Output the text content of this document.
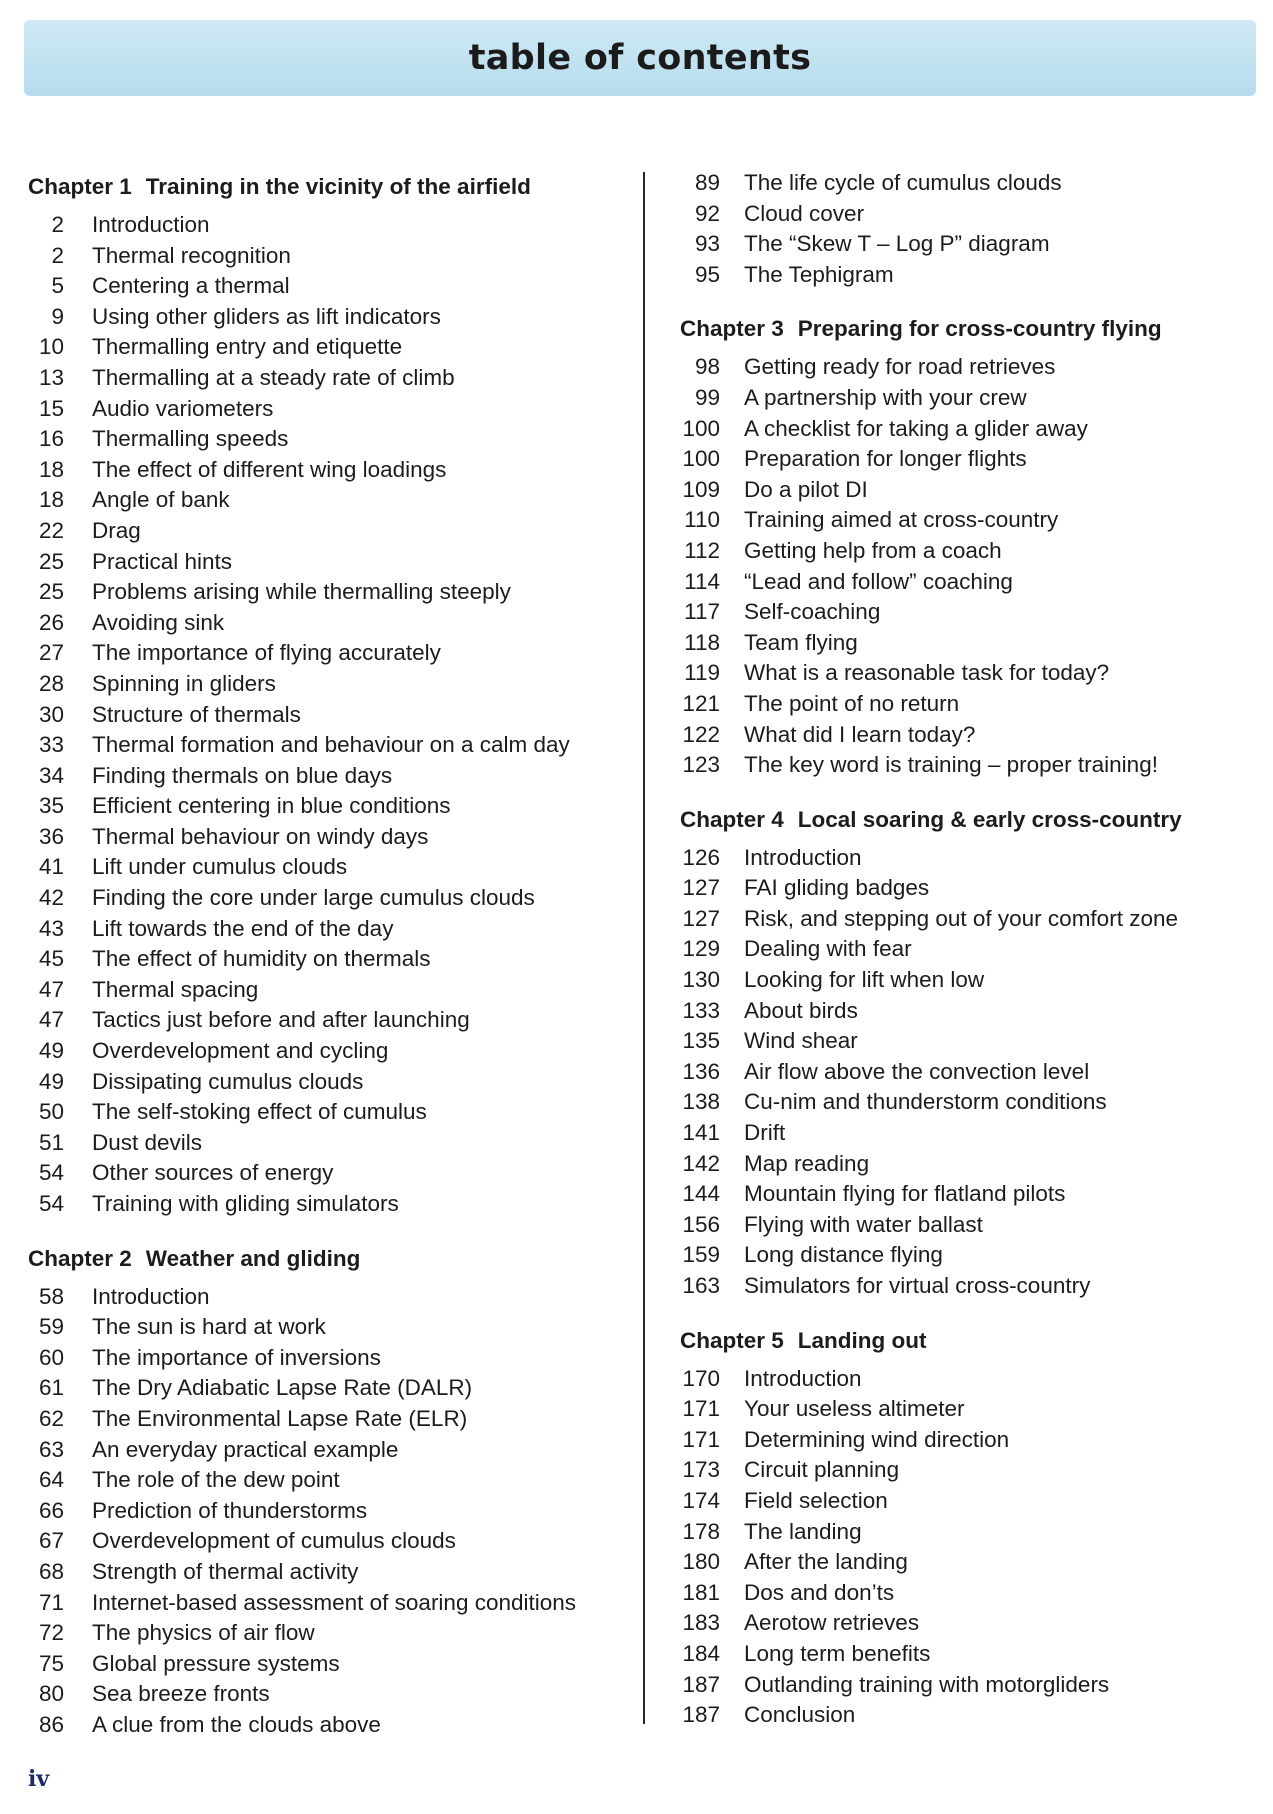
table of contents
Chapter 1 Training in the vicinity of the airfield
2 Introduction
2 Thermal recognition
5 Centering a thermal
9 Using other gliders as lift indicators
10 Thermalling entry and etiquette
13 Thermalling at a steady rate of climb
15 Audio variometers
16 Thermalling speeds
18 The effect of different wing loadings
18 Angle of bank
22 Drag
25 Practical hints
25 Problems arising while thermalling steeply
26 Avoiding sink
27 The importance of flying accurately
28 Spinning in gliders
30 Structure of thermals
33 Thermal formation and behaviour on a calm day
34 Finding thermals on blue days
35 Efficient centering in blue conditions
36 Thermal behaviour on windy days
41 Lift under cumulus clouds
42 Finding the core under large cumulus clouds
43 Lift towards the end of the day
45 The effect of humidity on thermals
47 Thermal spacing
47 Tactics just before and after launching
49 Overdevelopment and cycling
49 Dissipating cumulus clouds
50 The self-stoking effect of cumulus
51 Dust devils
54 Other sources of energy
54 Training with gliding simulators
Chapter 2 Weather and gliding
58 Introduction
59 The sun is hard at work
60 The importance of inversions
61 The Dry Adiabatic Lapse Rate (DALR)
62 The Environmental Lapse Rate (ELR)
63 An everyday practical example
64 The role of the dew point
66 Prediction of thunderstorms
67 Overdevelopment of cumulus clouds
68 Strength of thermal activity
71 Internet-based assessment of soaring conditions
72 The physics of air flow
75 Global pressure systems
80 Sea breeze fronts
86 A clue from the clouds above
89 The life cycle of cumulus clouds
92 Cloud cover
93 The “Skew T – Log P” diagram
95 The Tephigram
Chapter 3 Preparing for cross-country flying
98 Getting ready for road retrieves
99 A partnership with your crew
100 A checklist for taking a glider away
100 Preparation for longer flights
109 Do a pilot DI
110 Training aimed at cross-country
112 Getting help from a coach
114 “Lead and follow” coaching
117 Self-coaching
118 Team flying
119 What is a reasonable task for today?
121 The point of no return
122 What did I learn today?
123 The key word is training – proper training!
Chapter 4 Local soaring & early cross-country
126 Introduction
127 FAI gliding badges
127 Risk, and stepping out of your comfort zone
129 Dealing with fear
130 Looking for lift when low
133 About birds
135 Wind shear
136 Air flow above the convection level
138 Cu-nim and thunderstorm conditions
141 Drift
142 Map reading
144 Mountain flying for flatland pilots
156 Flying with water ballast
159 Long distance flying
163 Simulators for virtual cross-country
Chapter 5 Landing out
170 Introduction
171 Your useless altimeter
171 Determining wind direction
173 Circuit planning
174 Field selection
178 The landing
180 After the landing
181 Dos and don’ts
183 Aerotow retrieves
184 Long term benefits
187 Outlanding training with motorgliders
187 Conclusion
iv
